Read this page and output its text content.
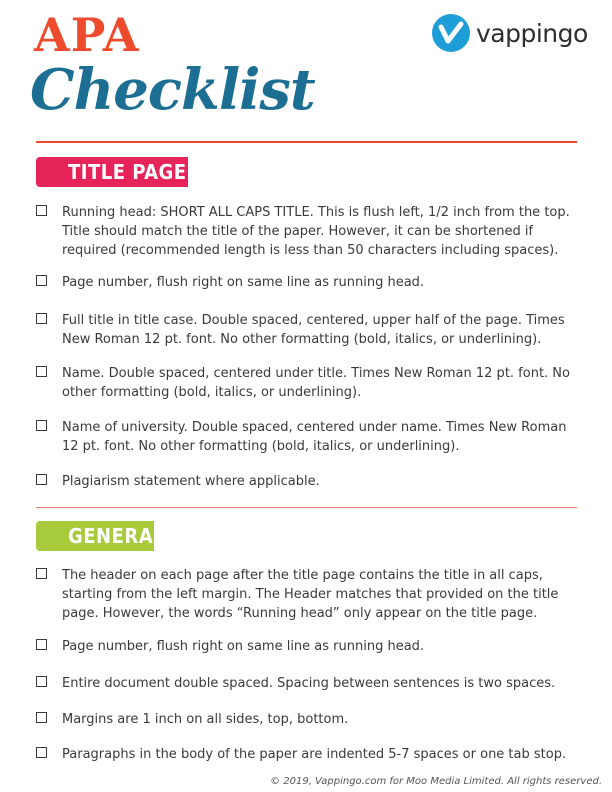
APA
Checklist
vappingo
TITLE PAGE
Running head: SHORT ALL CAPS TITLE. This is flush left, 1/2 inch from the top. Title should match the title of the paper. However, it can be shortened if required (recommended length is less than 50 characters including spaces).
Page number, flush right on same line as running head.
Full title in title case. Double spaced, centered, upper half of the page. Times New Roman 12 pt. font. No other formatting (bold, italics, or underlining).
Name. Double spaced, centered under title. Times New Roman 12 pt. font. No other formatting (bold, italics, or underlining).
Name of university. Double spaced, centered under name. Times New Roman 12 pt. font. No other formatting (bold, italics, or underlining).
Plagiarism statement where applicable.
GENERAL
The header on each page after the title page contains the title in all caps, starting from the left margin. The Header matches that provided on the title page. However, the words “Running head” only appear on the title page.
Page number, flush right on same line as running head.
Entire document double spaced. Spacing between sentences is two spaces.
Margins are 1 inch on all sides, top, bottom.
Paragraphs in the body of the paper are indented 5-7 spaces or one tab stop.
© 2019, Vappingo.com for Moo Media Limited. All rights reserved.
